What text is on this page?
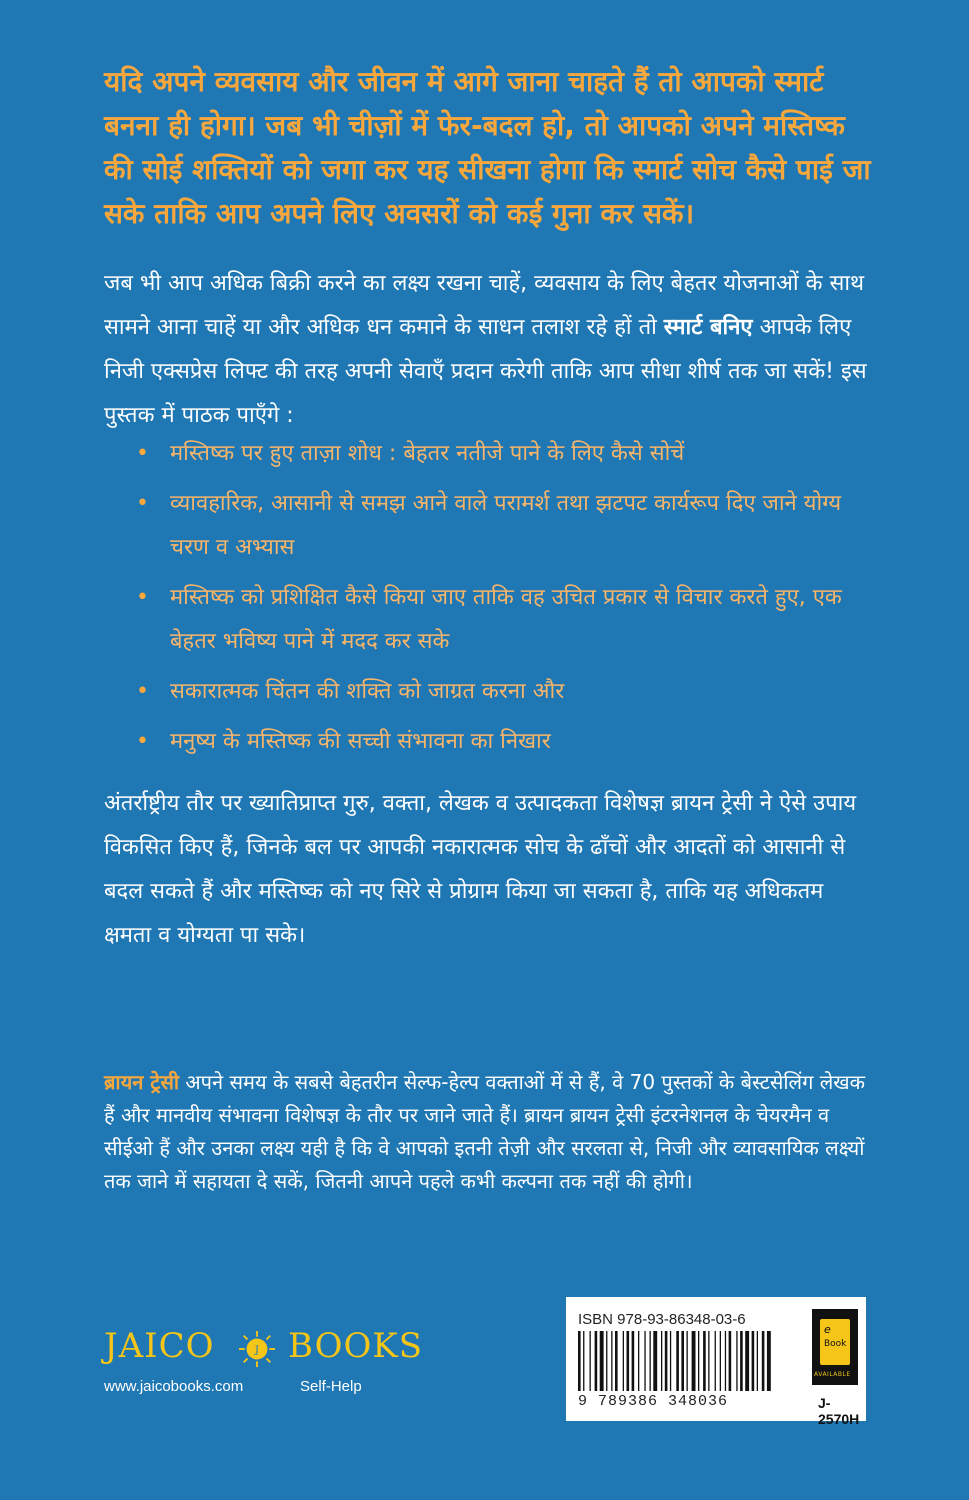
यदि अपने व्यवसाय और जीवन में आगे जाना चाहते हैं तो आपको स्मार्ट बनना ही होगा। जब भी चीज़ों में फेर-बदल हो, तो आपको अपने मस्तिष्क की सोई शक्तियों को जगा कर यह सीखना होगा कि स्मार्ट सोच कैसे पाई जा सके ताकि आप अपने लिए अवसरों को कई गुना कर सकें।

जब भी आप अधिक बिक्री करने का लक्ष्य रखना चाहें, व्यवसाय के लिए बेहतर योजनाओं के साथ सामने आना चाहें या और अधिक धन कमाने के साधन तलाश रहे हों तो स्मार्ट बनिए आपके लिए निजी एक्सप्रेस लिफ्ट की तरह अपनी सेवाएँ प्रदान करेगी ताकि आप सीधा शीर्ष तक जा सकें! इस पुस्तक में पाठक पाएँगे :

• मस्तिष्क पर हुए ताज़ा शोध : बेहतर नतीजे पाने के लिए कैसे सोचें
• व्यावहारिक, आसानी से समझ आने वाले परामर्श तथा झटपट कार्यरूप दिए जाने योग्य चरण व अभ्यास
• मस्तिष्क को प्रशिक्षित कैसे किया जाए ताकि वह उचित प्रकार से विचार करते हुए, एक बेहतर भविष्य पाने में मदद कर सके
• सकारात्मक चिंतन की शक्ति को जाग्रत करना और
• मनुष्य के मस्तिष्क की सच्ची संभावना का निखार

अंतर्राष्ट्रीय तौर पर ख्यातिप्राप्त गुरु, वक्ता, लेखक व उत्पादकता विशेषज्ञ ब्रायन ट्रेसी ने ऐसे उपाय विकसित किए हैं, जिनके बल पर आपकी नकारात्मक सोच के ढाँचों और आदतों को आसानी से बदल सकते हैं और मस्तिष्क को नए सिरे से प्रोग्राम किया जा सकता है, ताकि यह अधिकतम क्षमता व योग्यता पा सके।

ब्रायन ट्रेसी अपने समय के सबसे बेहतरीन सेल्फ-हेल्प वक्ताओं में से हैं, वे 70 पुस्तकों के बेस्टसेलिंग लेखक हैं और मानवीय संभावना विशेषज्ञ के तौर पर जाने जाते हैं। ब्रायन ब्रायन ट्रेसी इंटरनेशनल के चेयरमैन व सीईओ हैं और उनका लक्ष्य यही है कि वे आपको इतनी तेज़ी और सरलता से, निजी और व्यावसायिक लक्ष्यों तक जाने में सहायता दे सकें, जितनी आपने पहले कभी कल्पना तक नहीं की होगी।

JAICO	J BOOKS
www.jaicobooks.com	Self-Help
ISBN 978-93-86348-03-6
9 789386 348036
e
Book
AVAILABLE
J-2570H
